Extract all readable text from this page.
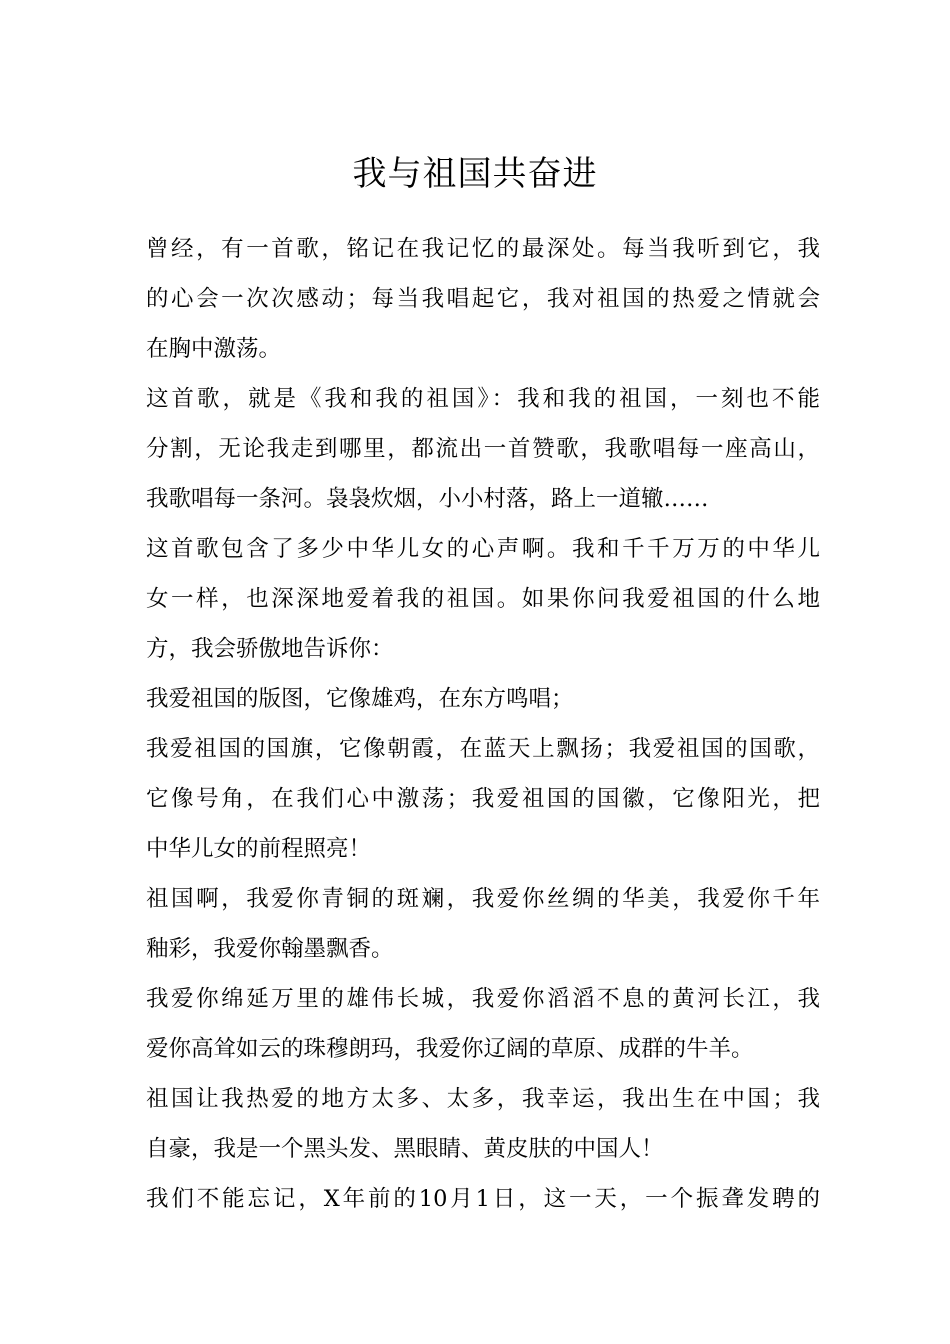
我与祖国共奋进
曾经，有一首歌，铭记在我记忆的最深处。每当我听到它，我
的心会一次次感动；每当我唱起它，我对祖国的热爱之情就会
在胸中激荡。
这首歌，就是《我和我的祖国》：我和我的祖国，一刻也不能
分割，无论我走到哪里，都流出一首赞歌，我歌唱每一座高山，
我歌唱每一条河。袅袅炊烟，小小村落，路上一道辙……
这首歌包含了多少中华儿女的心声啊。我和千千万万的中华儿
女一样，也深深地爱着我的祖国。如果你问我爱祖国的什么地
方，我会骄傲地告诉你：
我爱祖国的版图，它像雄鸡，在东方鸣唱；
我爱祖国的国旗，它像朝霞，在蓝天上飘扬；我爱祖国的国歌，
它像号角，在我们心中激荡；我爱祖国的国徽，它像阳光，把
中华儿女的前程照亮！
祖国啊，我爱你青铜的斑斓，我爱你丝绸的华美，我爱你千年
釉彩，我爱你翰墨飘香。
我爱你绵延万里的雄伟长城，我爱你滔滔不息的黄河长江，我
爱你高耸如云的珠穆朗玛，我爱你辽阔的草原、成群的牛羊。
祖国让我热爱的地方太多、太多，我幸运，我出生在中国；我
自豪，我是一个黑头发、黑眼睛、黄皮肤的中国人！
我们不能忘记，X年前的10月1日，这一天，一个振聋发聘的
